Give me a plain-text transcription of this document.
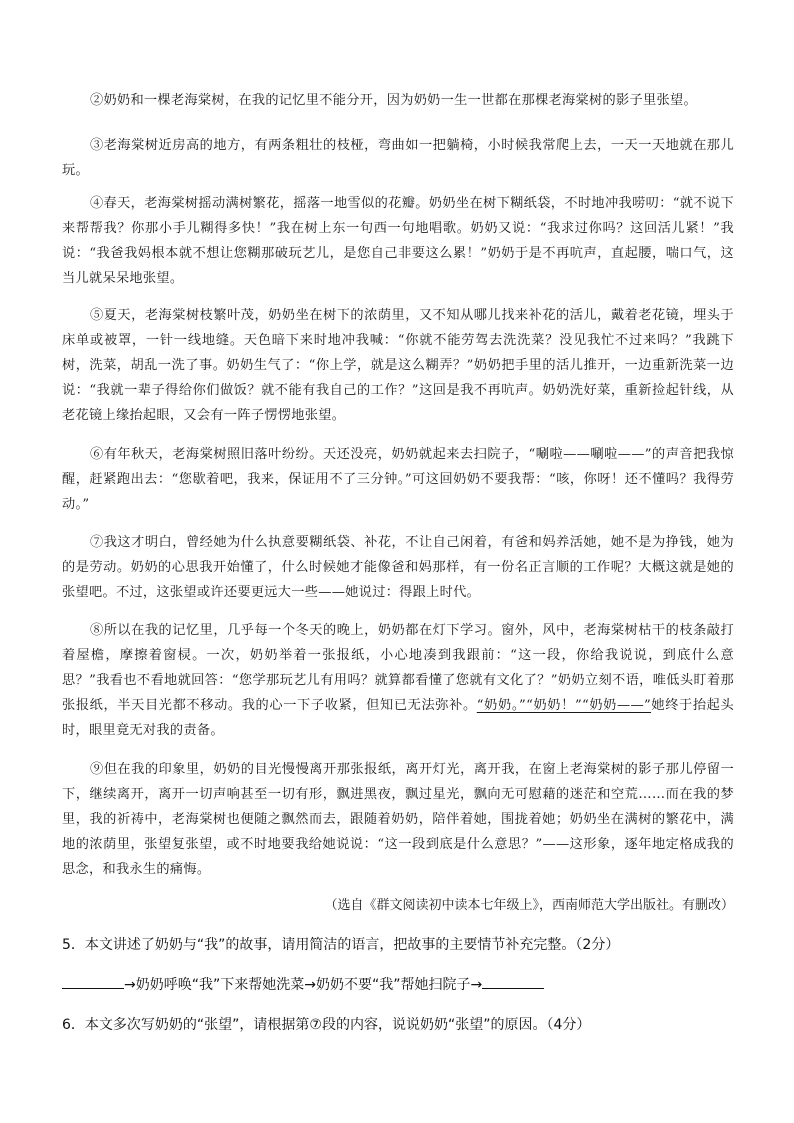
②奶奶和一棵老海棠树，在我的记忆里不能分开，因为奶奶一生一世都在那棵老海棠树的影子里张望。

③老海棠树近房高的地方，有两条粗壮的枝桠，弯曲如一把躺椅，小时候我常爬上去，一天一天地就在那儿玩。

④春天，老海棠树摇动满树繁花，摇落一地雪似的花瓣。奶奶坐在树下糊纸袋，不时地冲我唠叨：“就不说下来帮帮我？你那小手儿糊得多快！”我在树上东一句西一句地唱歌。奶奶又说：“我求过你吗？这回活儿紧！”我说：“我爸我妈根本就不想让您糊那破玩艺儿，是您自己非要这么累！”奶奶于是不再吭声，直起腰，喘口气，这当儿就呆呆地张望。

⑤夏天，老海棠树枝繁叶茂，奶奶坐在树下的浓荫里，又不知从哪儿找来补花的活儿，戴着老花镜，埋头于床单或被罩，一针一线地缝。天色暗下来时地冲我喊：“你就不能劳驾去洗洗菜？没见我忙不过来吗？”我跳下树，洗菜，胡乱一洗了事。奶奶生气了：“你上学，就是这么糊弄？”奶奶把手里的活儿推开，一边重新洗菜一边说：“我就一辈子得给你们做饭？就不能有我自己的工作？”这回是我不再吭声。奶奶洗好菜，重新捡起针线，从老花镜上缘抬起眼，又会有一阵子愣愣地张望。

⑥有年秋天，老海棠树照旧落叶纷纷。天还没亮，奶奶就起来去扫院子，“唰啦——唰啦——”的声音把我惊醒，赶紧跑出去：“您歇着吧，我来，保证用不了三分钟。”可这回奶奶不要我帮：“咳，你呀！还不懂吗？我得劳动。”

⑦我这才明白，曾经她为什么执意要糊纸袋、补花，不让自己闲着，有爸和妈养活她，她不是为挣钱，她为的是劳动。奶奶的心思我开始懂了，什么时候她才能像爸和妈那样，有一份名正言顺的工作呢？大概这就是她的张望吧。不过，这张望或许还要更远大一些——她说过：得跟上时代。

⑧所以在我的记忆里，几乎每一个冬天的晚上，奶奶都在灯下学习。窗外，风中，老海棠树枯干的枝条敲打着屋檐，摩擦着窗棂。一次，奶奶举着一张报纸，小心地凑到我跟前：“这一段，你给我说说，到底什么意思？”我看也不看地就回答：“您学那玩艺儿有用吗？就算都看懂了您就有文化了？”奶奶立刻不语，唯低头盯着那张报纸，半天目光都不移动。我的心一下子收紧，但知已无法弥补。“奶奶。”“奶奶！”“奶奶——”她终于抬起头时，眼里竟无对我的责备。

⑨但在我的印象里，奶奶的目光慢慢离开那张报纸，离开灯光，离开我，在窗上老海棠树的影子那儿停留一下，继续离开，离开一切声响甚至一切有形，飘进黑夜，飘过星光，飘向无可慰藉的迷茫和空荒……而在我的梦里，我的祈祷中，老海棠树也便随之飘然而去，跟随着奶奶，陪伴着她，围拢着她；奶奶坐在满树的繁花中，满地的浓荫里，张望复张望，或不时地要我给她说说：“这一段到底是什么意思？”——这形象，逐年地定格成我的思念，和我永生的痛悔。

（选自《群文阅读初中读本七年级上》，西南师范大学出版社。有删改）

5．本文讲述了奶奶与“我”的故事，请用简洁的语言，把故事的主要情节补充完整。（2分）

→奶奶呼唤“我”下来帮她洗菜→奶奶不要“我”帮她扫院子→

6．本文多次写奶奶的“张望”，请根据第⑦段的内容，说说奶奶“张望”的原因。（4分）
